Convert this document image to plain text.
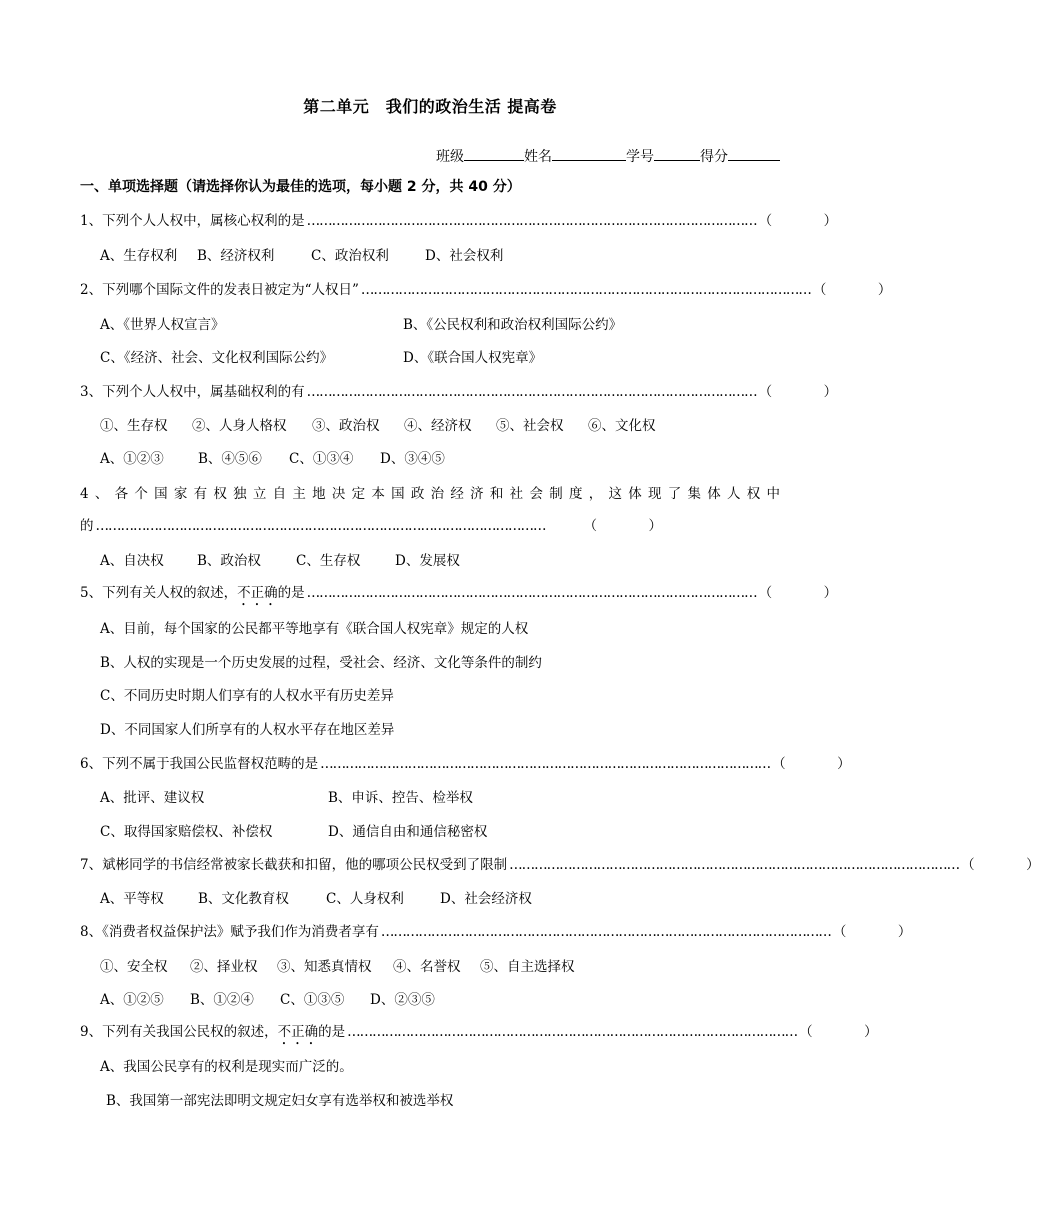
第二单元　我们的政治生活 提高卷
班级	姓名	学号	得分
一、单项选择题（请选择你认为最佳的选项，每小题 2 分，共 40 分）
1、下列个人人权中，属核心权利的是 ……………………………………………………………………………………………… （            ）
A、生存权利 B、经济权利	C、政治权利	D、社会权利
2、下列哪个国际文件的发表日被定为“人权日” ……………………………………………………………………………………………… （            ）
A、《世界人权宣言》	B、《公民权利和政治权利国际公约》
C、《经济、社会、文化权利国际公约》	D、《联合国人权宪章》
3、下列个人人权中，属基础权利的有 ……………………………………………………………………………………………… （            ）
①、生存权 ②、人身人格权 ③、政治权 ④、经济权 ⑤、社会权 ⑥、文化权
A、①②③	B、④⑤⑥ C、①③④ D、③④⑤
4、各个国家有权独立自主地决定本国政治经济和社会制度，这体现了集体人权中
的 ………………………………………………………………………………………………	（            ）
A、自决权 B、政治权	C、生存权	D、发展权
5、下列有关人权的叙述，不正确的是 ……………………………………………………………………………………………… （            ）
A、目前，每个国家的公民都平等地享有《联合国人权宪章》规定的人权
B、人权的实现是一个历史发展的过程，受社会、经济、文化等条件的制约
C、不同历史时期人们享有的人权水平有历史差异
D、不同国家人们所享有的人权水平存在地区差异
6、下列不属于我国公民监督权范畴的是 ……………………………………………………………………………………………… （            ）
A、批评、建议权	B、申诉、控告、检举权
C、取得国家赔偿权、补偿权	D、通信自由和通信秘密权
7、斌彬同学的书信经常被家长截获和扣留，他的哪项公民权受到了限制 ……………………………………………………………………………………………… （            ）
A、平等权	B、文化教育权	C、人身权利	D、社会经济权
8、《消费者权益保护法》赋予我们作为消费者享有 ……………………………………………………………………………………………… （            ）
①、安全权 ②、择业权 ③、知悉真情权 ④、名誉权 ⑤、自主选择权
A、①②⑤ B、①②④ C、①③⑤ D、②③⑤
9、下列有关我国公民权的叙述，不正确的是 ……………………………………………………………………………………………… （            ）
A、我国公民享有的权利是现实而广泛的。
B、我国第一部宪法即明文规定妇女享有选举权和被选举权
